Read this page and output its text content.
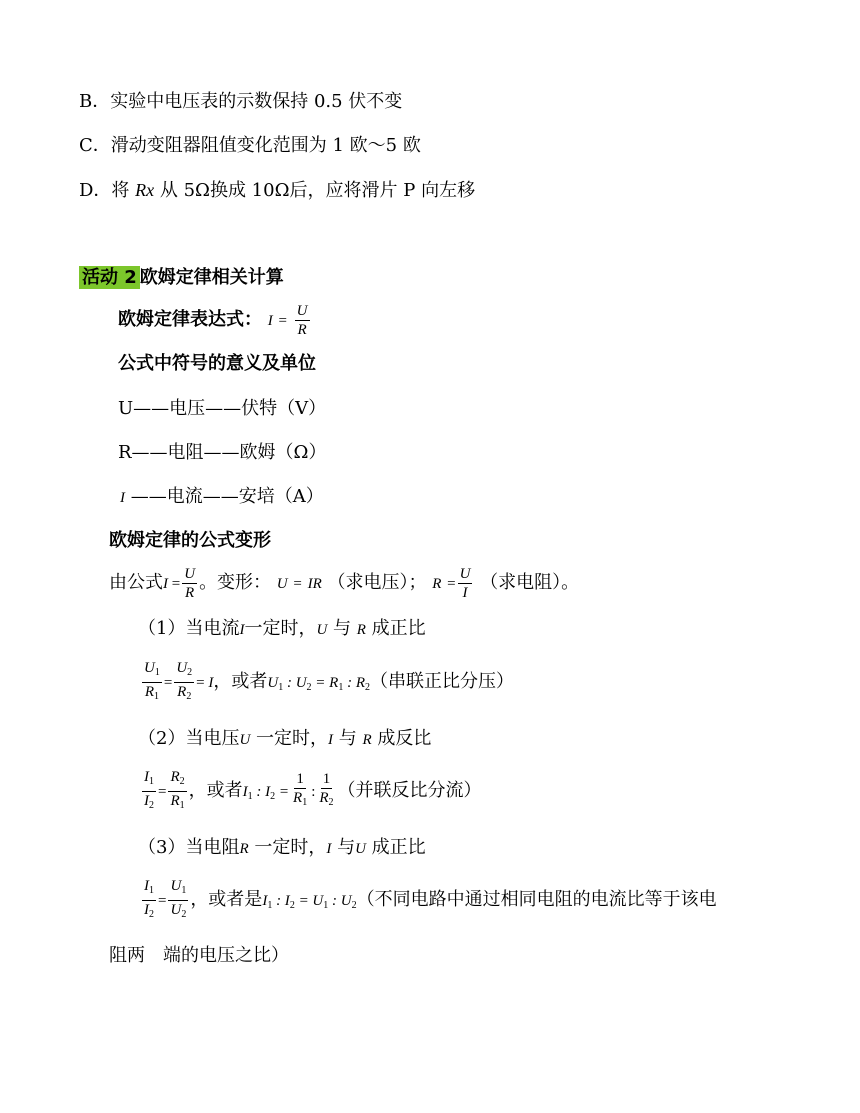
B．实验中电压表的示数保持 0.5 伏不变
C．滑动变阻器阻值变化范围为 1 欧～5 欧
D．将 Rx 从 5Ω换成 10Ω后，应将滑片 P 向左移
活动 2 欧姆定律相关计算
欧姆定律表达式： $I = \frac{U}{R}$
公式中符号的意义及单位
U——电压——伏特（V）
R——电阻——欧姆（Ω）
I ——电流——安培（A）
欧姆定律的公式变形
由公式$I = \frac{U}{R}$ 。变形： U = IR （求电压）； $R = \frac{U}{I}$ （求电阻）。
（1）当电流I一定时，U 与 R 成正比
$\frac{U_1}{R_1} = \frac{U_2}{R_2} = I$，或者$U_1$ : $U_2 = R_1$ : $R_2$（串联正比分压）
（2）当电压U 一定时，I 与 R 成反比
$\frac{I_1}{I_2} = \frac{R_2}{R_1}$ ，或者$I_1$ : $I_2 = \frac{1}{R_1}$ : $\frac{1}{R_2}$ （并联反比分流）
（3）当电阻R 一定时，I 与U 成正比
$\frac{I_1}{I_2} = \frac{U_1}{U_2}$ ，或者是$I_1$ : $I_2 = U_1$ : $U_2$（不同电路中通过相同电阻的电流比等于该电
阻两　端的电压之比）
